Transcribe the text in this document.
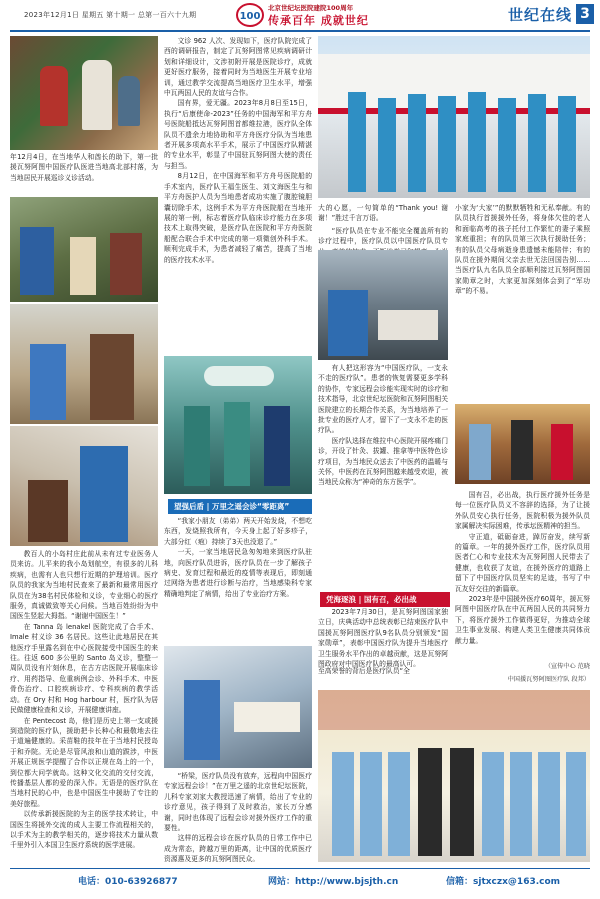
2023年12月1日 星期五 第十期一 总第一百六十九期	100
北京世纪坛医院建院100周年
传承百年 成就世纪	世纪在线 3
年12月4日，在当地华人和酋长的助下，第一批援瓦努阿图中国医疗队医进当地高北部村落，为当地居民开展巡诊义诊活动。

教百人的小岛村庄此前从未有过专业医务人员来访。儿平来的我小岛划航空，有很多的儿科疾病，也需有人也只想行近期的护理培训。医疗队员的我家为当地村民查来了最新和最常用医疗队员在为38名村民体检和义诊，专业细心的医疗服务，真诚做致等关心问候。当地百姓纷纷为中国医生竖起大拇指。“谢谢中国医生！”

在 Tanna 岛 lenakel 医院完成了合手术、Imale 村义诊 36 名居民。这些让此地居民在其他医疗手里露名到在中心医院接受中国医生的来往。往返 600 多公里的 Santo 岛义诊，整整一周队员没有片刻休息，在古方店医院开展临床诊疗、用药指导、危重病例会诊、外科手术、中医骨伤治疗、口腔疾病诊疗、专科疾病的教学活动。在 Ory 村和 Hog harbour 村，医疗队为居民做健康检查和义诊，开展健康讲座。

在 Pentecost 岛，他们是历史上第一支或援到造院的医疗队，援助把卡长种心和最敬地去往于道遍健康的。采苗鞋的技年在于当地村民授岛于和乔院。无论是尽管风浪和山道的跋涉，中医开展正规医学提醒了合作以正规在岛上的一个，到位都大问学就岛。这种文化交流的交付交流，传播基层人都的爱的深入作。无语是的医疗队在当地村民的心中，也是中国医生中援助了专注的美好旅程。

以传承新援医院的为主的医学技术转让，中国医生将援外交流的成人主要工作流程相关的，以手术为主的教学相关的，逐步将技术力量从数千里外引入本国卫生医疗系统的医学进展。

文诊 962 人次、发现如下，医疗队院完成了西的调研报告，制定了瓦努阿图常见疾病调研计划和详细设计，文涉初附开展是医院诊疗，成就更好医疗服务，接着同时为当地医生开展专业培训，通过教学交流提高当地医疗卫生水平，增强中瓦两国人民的友谊与合作。

国有界，爱无疆。2023年8月8日至15日，执行“后康使命-2023”任务的中国海军和平方舟号医院船抵达瓦努阿图首都维拉港，医疗队全体队员不遗余力地协助和平方舟医疗分队为当地患者开展多项高水平手术，展示了中国医疗队精湛的专业水平，彰显了中国驻瓦努阿图大使的责任与担当。

8月12日，在中国海军和平方舟号医院船的手术室内，医疗队王福生医生、刘文海医生与和平方舟医护人员为当地患者成功实施了腹腔镜胆囊切除手术，这例手术为平方舟医院船在当地开展的第一例，标志着医疗队临床诊疗能力在多项技术上取得突破，是医疗队在医院和平方舟医院船配合联合手术中完成的第一项微创外科手术。顺利完成手术，为患者减轻了痛苦，提高了当地的医疗技术水平。

望强后盾 | 万里之遥会诊“零距离”

“我家小朋友（弟弟）两天开始发烧，不想吃东西，发烧照我所有，今天身上起了好多疹子，大部分红（疱）持续了3天也没退了。”

一天，一家当地居民急匆匆地来到医疗队驻地，向医疗队员进诉，医疗队员在一步了解孩子病史、发育过程和最近的疫情等表现后，即刻通过网络为患者进行诊断与治疗，当地感染科专家精确地判定了病情，给出了专业治疗方案。

“桥梁，医疗队员没有放弃，远程向中国医疗专家远程会诊！”在万里之遥的北京世纪坛医院，儿科专家刘家大教授迅速了病情，给出了专业的诊疗意见，孩子得到了及时救治，家长万分感谢，同时也体现了远程会诊对援外医疗工作的重要性。

这样的远程会诊在医疗队员的日常工作中已成为常态，跨越万里的距离，让中国的优质医疗资源惠及更多的瓦努阿图民众。

大的心愿，一句简单的“Thank you! 谢谢！”胜过千言万语。

“医疗队员在专业不能完全覆盖所有的诊疗过程中，医疗队员以中国医疗队员专

有人把这形容为“中国医疗队，一支永不走的医疗队”。患者的恢复需要更多学科的协作，专家远程会诊能实现实时的诊疗和技术指导，北京世纪坛医院和瓦努阿图相关医院建立的长期合作关系，为当地培养了一批专业的医疗人才，留下了一支永不走的医疗队。

医疗队选择在维拉中心医院开展疼痛门诊，开设了针灸、拔罐、推拿等中医特色诊疗项目，为当地民众送去了中医药的温暖与关怀，中医药在瓦努阿图越来越受欢迎，被当地民众称为“神奇的东方医学”。

凭海逐浪 | 国有召，必出战

2023年7月30日，是瓦努阿图国家独立日，庆典活动中总统表彰已结束医疗队中国援瓦努阿图医疗队9名队员分别颁发“国家勋章”，表彰中国医疗队为提升当地医疗卫生服务水平作出的卓越贡献，这是瓦努阿图政府对中国医疗队的最高认可。

至高荣誉的背后是医疗队员“全

小家为‘大家’”的默默牺牲和无私奉献。有的队员执行首援援外任务，将身体欠佳的老人和面临高考的孩子托付工作繁忙的妻子乘照家庭重担；有的队员第三次执行援助任务；有的队员父母病逝身患遗憾未能陪伴；有的队员在援外期间父亲去世无法回国告别……当医疗队九名队员全部顺利接过瓦努阿图国家勋章之时，大家更加深刻体会到了“军功章”的不易。

国有召，必出战，执行医疗援外任务是每一位医疗队员义不容辞的选择，为了让援外队员安心执行任务，医院积极为援外队员家属解决实际困难，传承坛医精神的担当。

守正道，砥砺奋进，踔厉奋发，续写新的篇章。一年的援外医疗工作，医疗队员用医者仁心和专业技术为瓦努阿图人民带去了健康，也收获了友谊，在援外医疗的道路上留下了中国医疗队员坚实的足迹，书写了中瓦友好交往的新篇章。

2023年是中国援外医疗60周年，援瓦努阿图中国医疗队在中瓦两国人民的共同努力下，将医疗援外工作做得更好，为推动全球卫生事业发展、构建人类卫生健康共同体贡献力量。

（宣传中心 范晓
中国援瓦努阿图医疗队 段邦）
电话：010-63926877	网站：http://www.bjsjth.cn	信箱：sjtxczx@163.com
